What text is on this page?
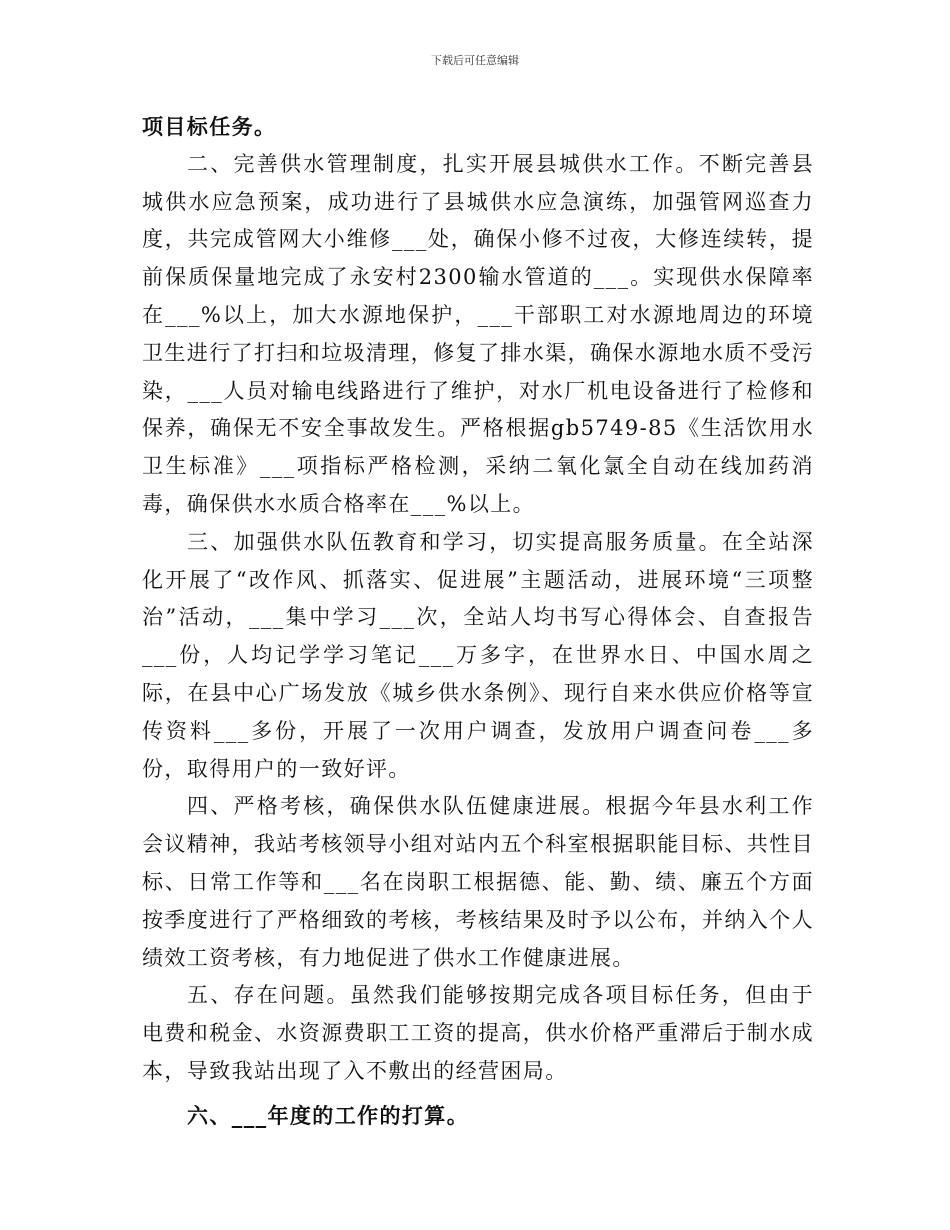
下载后可任意编辑

项目标任务。

二、完善供水管理制度，扎实开展县城供水工作。不断完善县城供水应急预案，成功进行了县城供水应急演练，加强管网巡查力度，共完成管网大小维修___处，确保小修不过夜，大修连续转，提前保质保量地完成了永安村2300输水管道的___。实现供水保障率在___%以上，加大水源地保护，___干部职工对水源地周边的环境卫生进行了打扫和垃圾清理，修复了排水渠，确保水源地水质不受污染，___人员对输电线路进行了维护，对水厂机电设备进行了检修和保养，确保无不安全事故发生。严格根据gb5749-85《生活饮用水卫生标准》___项指标严格检测，采纳二氧化氯全自动在线加药消毒，确保供水水质合格率在___%以上。

三、加强供水队伍教育和学习，切实提高服务质量。在全站深化开展了“改作风、抓落实、促进展”主题活动，进展环境“三项整治”活动，___集中学习___次，全站人均书写心得体会、自查报告___份，人均记学学习笔记___万多字，在世界水日、中国水周之际，在县中心广场发放《城乡供水条例》、现行自来水供应价格等宣传资料___多份，开展了一次用户调查，发放用户调查问卷___多份，取得用户的一致好评。

四、严格考核，确保供水队伍健康进展。根据今年县水利工作会议精神，我站考核领导小组对站内五个科室根据职能目标、共性目标、日常工作等和___名在岗职工根据德、能、勤、绩、廉五个方面按季度进行了严格细致的考核，考核结果及时予以公布，并纳入个人绩效工资考核，有力地促进了供水工作健康进展。

五、存在问题。虽然我们能够按期完成各项目标任务，但由于电费和税金、水资源费职工工资的提高，供水价格严重滞后于制水成本，导致我站出现了入不敷出的经营困局。

六、___年度的工作的打算。
